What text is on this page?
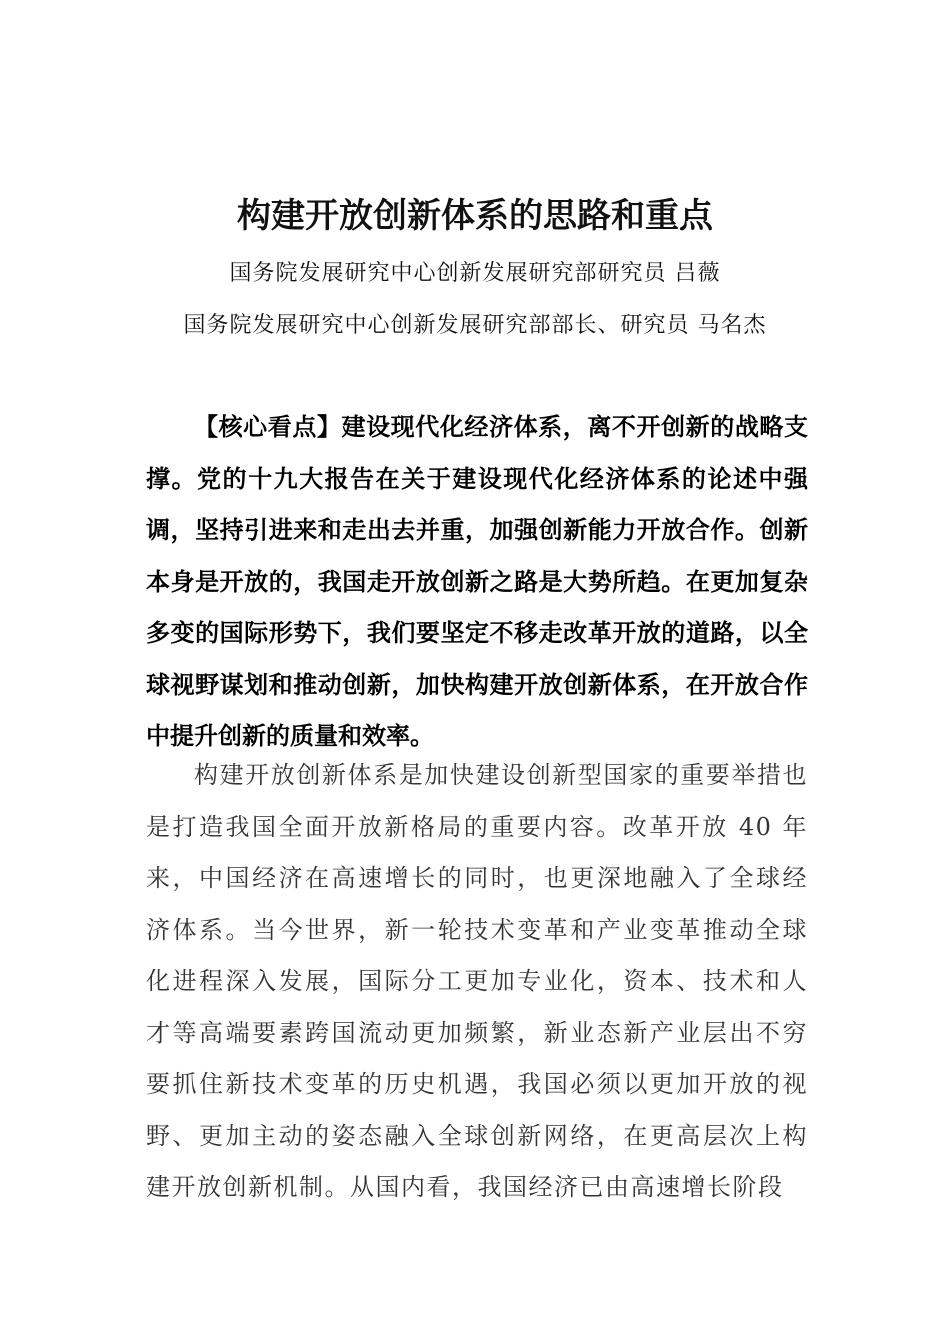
构建开放创新体系的思路和重点

国务院发展研究中心创新发展研究部研究员 吕薇

国务院发展研究中心创新发展研究部部长、研究员 马名杰

【核心看点】建设现代化经济体系，离不开创新的战略支撑。党的十九大报告在关于建设现代化经济体系的论述中强调，坚持引进来和走出去并重，加强创新能力开放合作。创新本身是开放的，我国走开放创新之路是大势所趋。在更加复杂多变的国际形势下，我们要坚定不移走改革开放的道路，以全球视野谋划和推动创新，加快构建开放创新体系，在开放合作中提升创新的质量和效率。

构建开放创新体系是加快建设创新型国家的重要举措也是打造我国全面开放新格局的重要内容。改革开放 40 年来，中国经济在高速增长的同时，也更深地融入了全球经济体系。当今世界，新一轮技术变革和产业变革推动全球化进程深入发展，国际分工更加专业化，资本、技术和人才等高端要素跨国流动更加频繁，新业态新产业层出不穷要抓住新技术变革的历史机遇，我国必须以更加开放的视野、更加主动的姿态融入全球创新网络，在更高层次上构建开放创新机制。从国内看，我国经济已由高速增长阶段
